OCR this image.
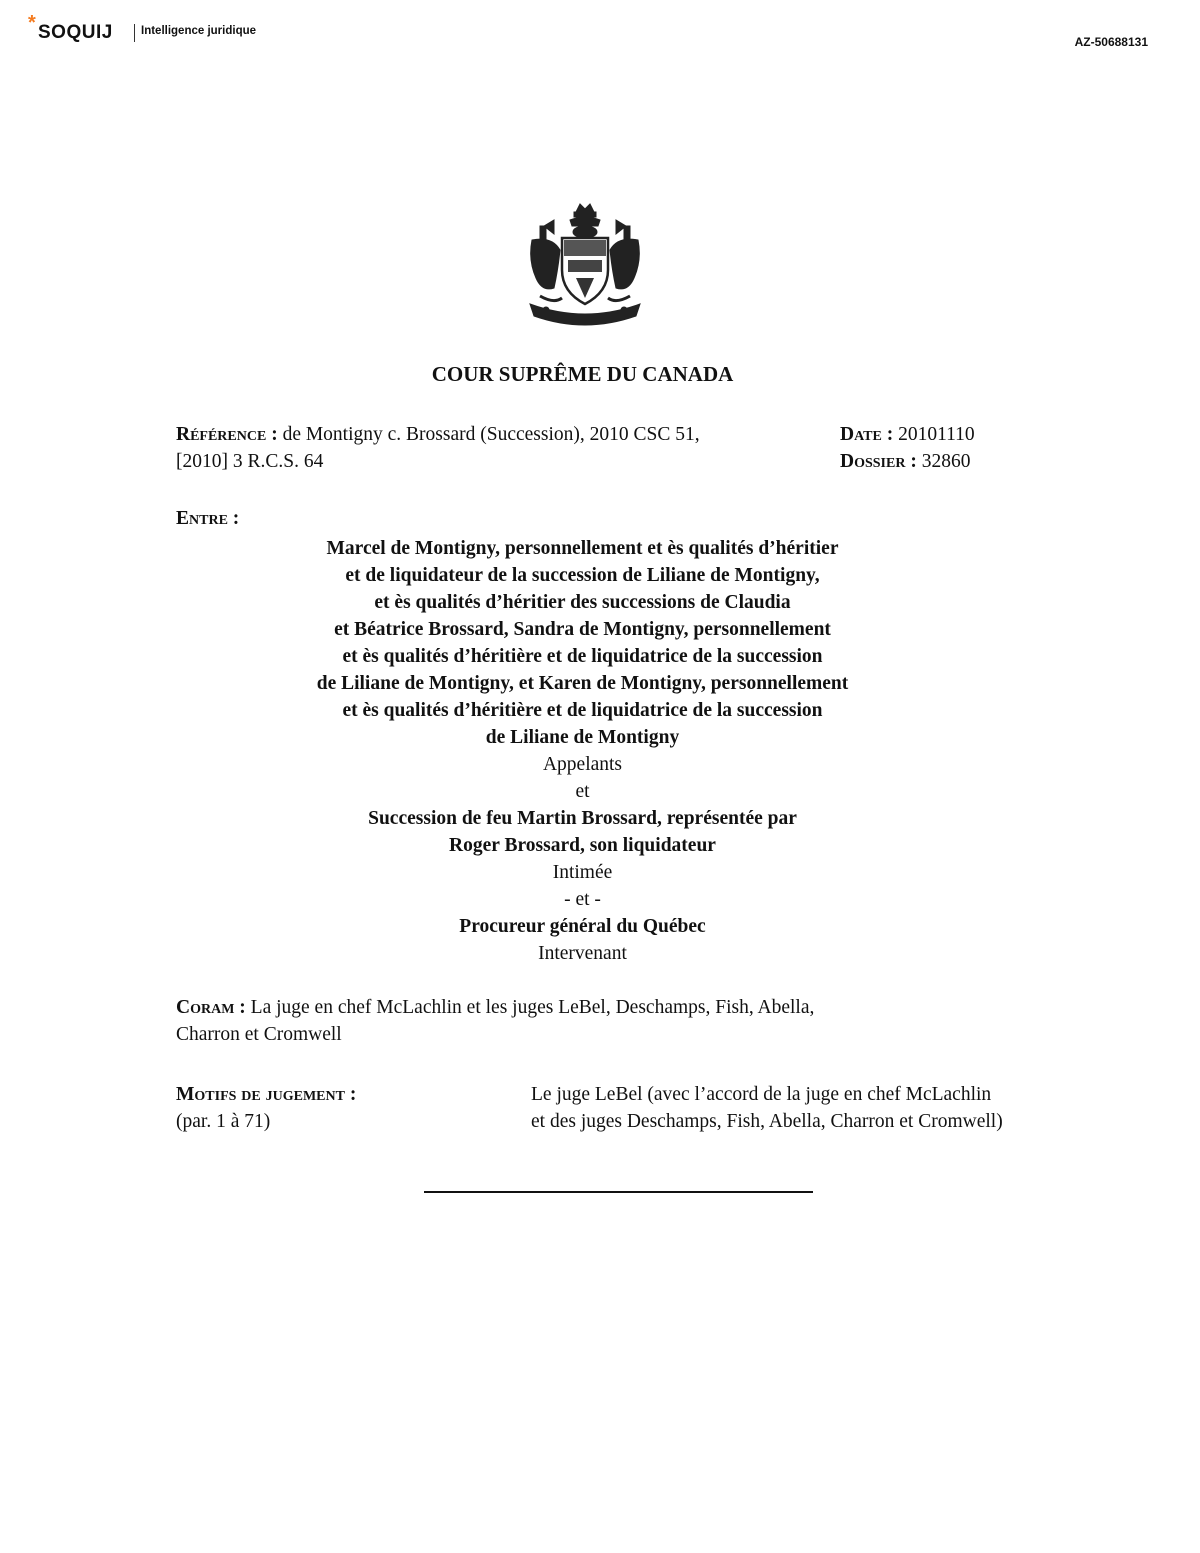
* SOQUIJ Intelligence juridique
AZ-50688131
COUR SUPRÊME DU CANADA
Référence : de Montigny c. Brossard (Succession), 2010 CSC 51,
[2010] 3 R.C.S. 64
Date : 20101110
Dossier : 32860
Entre :
Marcel de Montigny, personnellement et ès qualités d’héritier
et de liquidateur de la succession de Liliane de Montigny,
et ès qualités d’héritier des successions de Claudia
et Béatrice Brossard, Sandra de Montigny, personnellement
et ès qualités d’héritière et de liquidatrice de la succession
de Liliane de Montigny, et Karen de Montigny, personnellement
et ès qualités d’héritière et de liquidatrice de la succession
de Liliane de Montigny
Appelants
et
Succession de feu Martin Brossard, représentée par
Roger Brossard, son liquidateur
Intimée
- et -
Procureur général du Québec
Intervenant
Coram : La juge en chef McLachlin et les juges LeBel, Deschamps, Fish, Abella,
Charron et Cromwell
Motifs de jugement :
(par. 1 à 71)
Le juge LeBel (avec l’accord de la juge en chef McLachlin
et des juges Deschamps, Fish, Abella, Charron et Cromwell)
